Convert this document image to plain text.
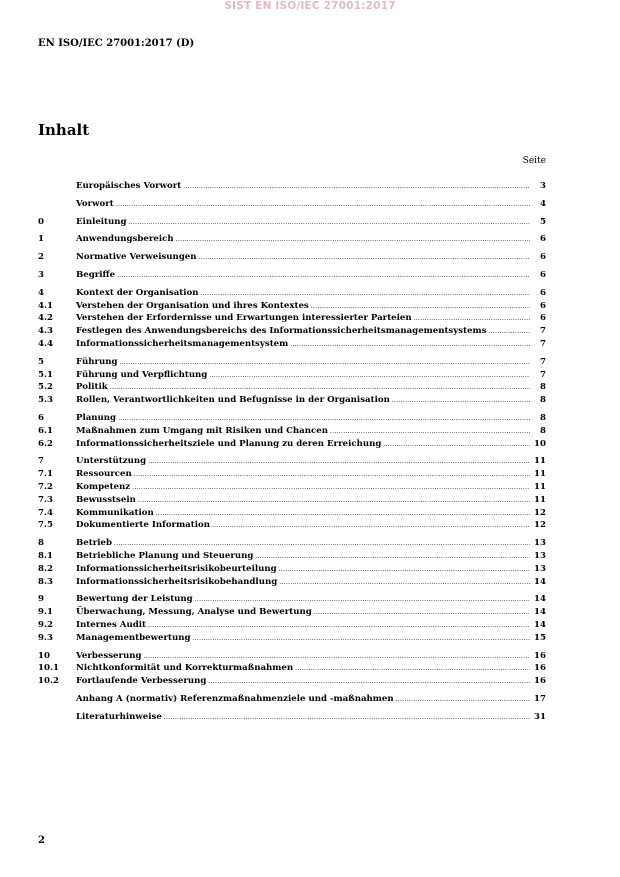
SIST EN ISO/IEC 27001:2017
EN ISO/IEC 27001:2017 (D)
Inhalt
Seite
Europäisches Vorwort .....	3
Vorwort .....	4
0	Einleitung .....	5
1	Anwendungsbereich .....	6
2	Normative Verweisungen .....	6
3	Begriffe .....	6
4	Kontext der Organisation .....	6
4.1	Verstehen der Organisation und ihres Kontextes .....	6
4.2	Verstehen der Erfordernisse und Erwartungen interessierter Parteien .....	6
4.3	Festlegen des Anwendungsbereichs des Informationssicherheitsmanagementsystems .....	7
4.4	Informationssicherheitsmanagementsystem .....	7
5	Führung .....	7
5.1	Führung und Verpflichtung .....	7
5.2	Politik .....	8
5.3	Rollen, Verantwortlichkeiten und Befugnisse in der Organisation .....	8
6	Planung .....	8
6.1	Maßnahmen zum Umgang mit Risiken und Chancen .....	8
6.2	Informationssicherheitsziele und Planung zu deren Erreichung .....	10
7	Unterstützung .....	11
7.1	Ressourcen .....	11
7.2	Kompetenz .....	11
7.3	Bewusstsein .....	11
7.4	Kommunikation .....	12
7.5	Dokumentierte Information .....	12
8	Betrieb .....	13
8.1	Betriebliche Planung und Steuerung .....	13
8.2	Informationssicherheitsrisikobeurteilung .....	13
8.3	Informationssicherheitsrisikobehandlung .....	14
9	Bewertung der Leistung .....	14
9.1	Überwachung, Messung, Analyse und Bewertung .....	14
9.2	Internes Audit .....	14
9.3	Managementbewertung .....	15
10	Verbesserung .....	16
10.1	Nichtkonformität und Korrekturmaßnahmen .....	16
10.2	Fortlaufende Verbesserung .....	16
Anhang A (normativ) Referenzmaßnahmenziele und -maßnahmen .....	17
Literaturhinweise .....	31
2
